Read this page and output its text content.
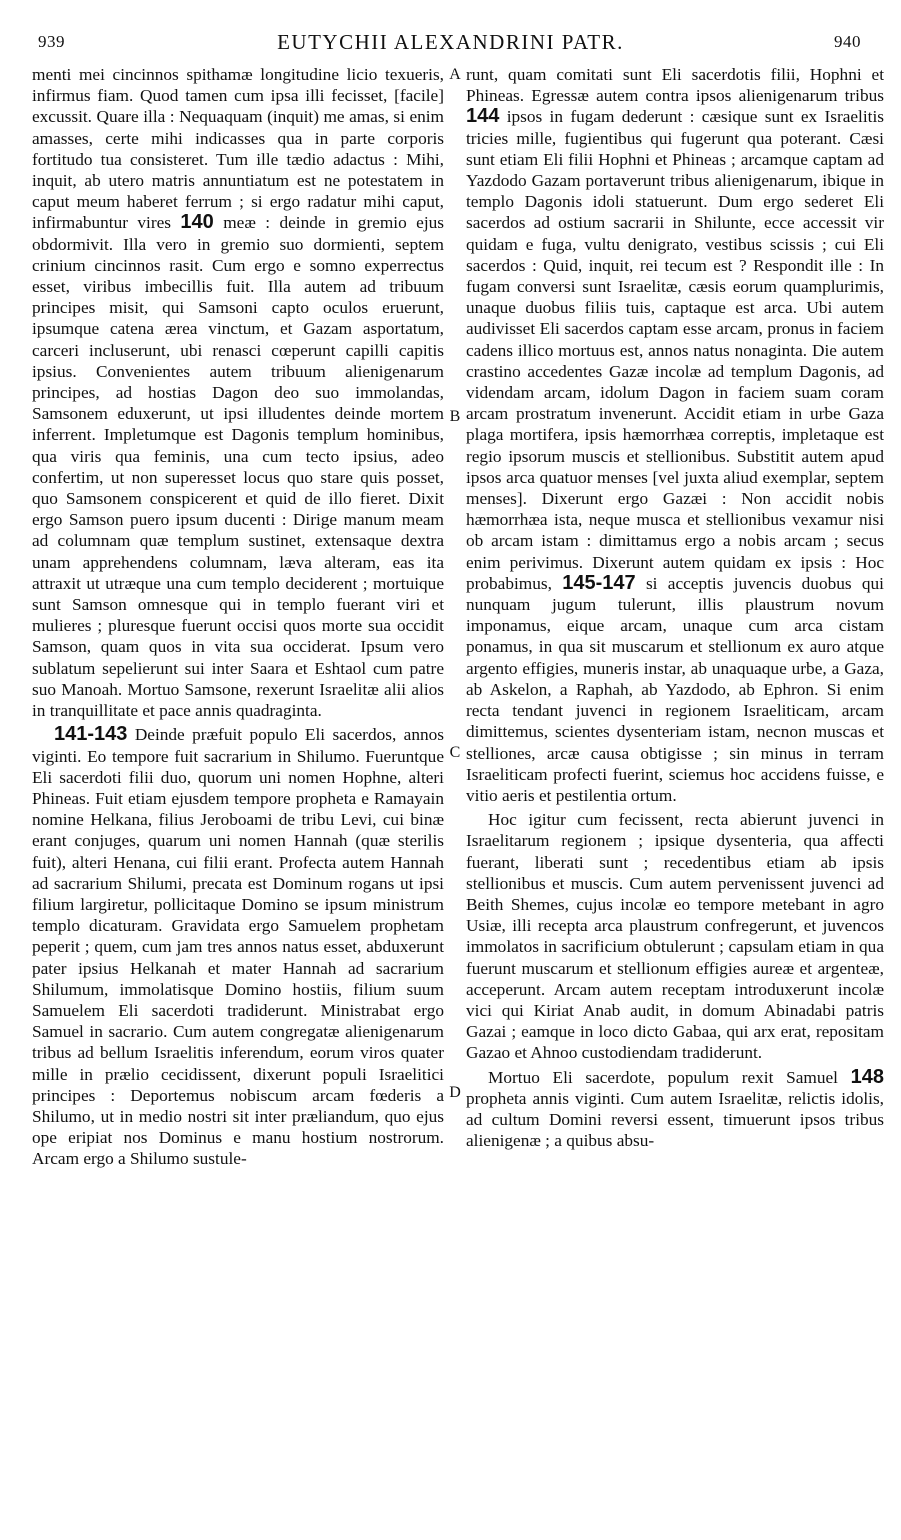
939	EUTYCHII ALEXANDRINI PATR.	940
A
B
C
D

menti mei cincinnos spithamæ longitudine licio texueris, infirmus fiam. Quod tamen cum ipsa illi fecisset, [facile] excussit. Quare illa : Nequaquam (inquit) me amas, si enim amasses, certe mihi indicasses qua in parte corporis fortitudo tua consisteret. Tum ille tædio adactus : Mihi, inquit, ab utero matris annuntiatum est ne potestatem in caput meum haberet ferrum ; si ergo radatur mihi caput, infirmabuntur vires 140 meæ : deinde in gremio ejus obdormivit. Illa vero in gremio suo dormienti, septem crinium cincinnos rasit. Cum ergo e somno experrectus esset, viribus imbecillis fuit. Illa autem ad tribuum principes misit, qui Samsoni capto oculos eruerunt, ipsumque catena ærea vinctum, et Gazam asportatum, carceri incluserunt, ubi renasci cœperunt capilli capitis ipsius. Convenientes autem tribuum alienigenarum principes, ad hostias Dagon deo suo immolandas, Samsonem eduxerunt, ut ipsi illudentes deinde mortem inferrent. Impletumque est Dagonis templum hominibus, qua viris qua feminis, una cum tecto ipsius, adeo confertim, ut non superesset locus quo stare quis posset, quo Samsonem conspicerent et quid de illo fieret. Dixit ergo Samson puero ipsum ducenti : Dirige manum meam ad columnam quæ templum sustinet, extensaque dextra unam apprehendens columnam, læva alteram, eas ita attraxit ut utræque una cum templo deciderent ; mortuique sunt Samson omnesque qui in templo fuerant viri et mulieres ; pluresque fuerunt occisi quos morte sua occidit Samson, quam quos in vita sua occiderat. Ipsum vero sublatum sepelierunt sui inter Saara et Eshtaol cum patre suo Manoah. Mortuo Samsone, rexerunt Israelitæ alii alios in tranquillitate et pace annis quadraginta.

141-143 Deinde præfuit populo Eli sacerdos, annos viginti. Eo tempore fuit sacrarium in Shilumo. Fueruntque Eli sacerdoti filii duo, quorum uni nomen Hophne, alteri Phineas. Fuit etiam ejusdem tempore propheta e Ramayain nomine Helkana, filius Jeroboami de tribu Levi, cui binæ erant conjuges, quarum uni nomen Hannah (quæ sterilis fuit), alteri Henana, cui filii erant. Profecta autem Hannah ad sacrarium Shilumi, precata est Dominum rogans ut ipsi filium largiretur, pollicitaque Domino se ipsum ministrum templo dicaturam. Gravidata ergo Samuelem prophetam peperit ; quem, cum jam tres annos natus esset, abduxerunt pater ipsius Helkanah et mater Hannah ad sacrarium Shilumum, immolatisque Domino hostiis, filium suum Samuelem Eli sacerdoti tradiderunt. Ministrabat ergo Samuel in sacrario. Cum autem congregatæ alienigenarum tribus ad bellum Israelitis inferendum, eorum viros quater mille in prælio cecidissent, dixerunt populi Israelitici principes : Deportemus nobiscum arcam fœderis a Shilumo, ut in medio nostri sit inter præliandum, quo ejus ope eripiat nos Dominus e manu hostium nostrorum. Arcam ergo a Shilumo sustule-

runt, quam comitati sunt Eli sacerdotis filii, Hophni et Phineas. Egressæ autem contra ipsos alienigenarum tribus 144 ipsos in fugam dederunt : cæsique sunt ex Israelitis tricies mille, fugientibus qui fugerunt qua poterant. Cæsi sunt etiam Eli filii Hophni et Phineas ; arcamque captam ad Yazdodo Gazam portaverunt tribus alienigenarum, ibique in templo Dagonis idoli statuerunt. Dum ergo sederet Eli sacerdos ad ostium sacrarii in Shilunte, ecce accessit vir quidam e fuga, vultu denigrato, vestibus scissis ; cui Eli sacerdos : Quid, inquit, rei tecum est ? Respondit ille : In fugam conversi sunt Israelitæ, cæsis eorum quamplurimis, unaque duobus filiis tuis, captaque est arca. Ubi autem audivisset Eli sacerdos captam esse arcam, pronus in faciem cadens illico mortuus est, annos natus nonaginta. Die autem crastino accedentes Gazæ incolæ ad templum Dagonis, ad videndam arcam, idolum Dagon in faciem suam coram arcam prostratum invenerunt. Accidit etiam in urbe Gaza plaga mortifera, ipsis hæmorrhæa correptis, impletaque est regio ipsorum muscis et stellionibus. Substitit autem apud ipsos arca quatuor menses [vel juxta aliud exemplar, septem menses]. Dixerunt ergo Gazæi : Non accidit nobis hæmorrhæa ista, neque musca et stellionibus vexamur nisi ob arcam istam : dimittamus ergo a nobis arcam ; secus enim perivimus. Dixerunt autem quidam ex ipsis : Hoc probabimus, 145-147 si acceptis juvencis duobus qui nunquam jugum tulerunt, illis plaustrum novum imponamus, eique arcam, unaque cum arca cistam ponamus, in qua sit muscarum et stellionum ex auro atque argento effigies, muneris instar, ab unaquaque urbe, a Gaza, ab Askelon, a Raphah, ab Yazdodo, ab Ephron. Si enim recta tendant juvenci in regionem Israeliticam, arcam dimittemus, scientes dysenteriam istam, necnon muscas et stelliones, arcæ causa obtigisse ; sin minus in terram Israeliticam profecti fuerint, sciemus hoc accidens fuisse, e vitio aeris et pestilentia ortum.

Hoc igitur cum fecissent, recta abierunt juvenci in Israelitarum regionem ; ipsique dysenteria, qua affecti fuerant, liberati sunt ; recedentibus etiam ab ipsis stellionibus et muscis. Cum autem pervenissent juvenci ad Beith Shemes, cujus incolæ eo tempore metebant in agro Usiæ, illi recepta arca plaustrum confregerunt, et juvencos immolatos in sacrificium obtulerunt ; capsulam etiam in qua fuerunt muscarum et stellionum effigies aureæ et argenteæ, acceperunt. Arcam autem receptam introduxerunt incolæ vici qui Kiriat Anab audit, in domum Abinadabi patris Gazai ; eamque in loco dicto Gabaa, qui arx erat, repositam Gazao et Ahnoo custodiendam tradiderunt.

Mortuo Eli sacerdote, populum rexit Samuel 148 propheta annis viginti. Cum autem Israelitæ, relictis idolis, ad cultum Domini reversi essent, timuerunt ipsos tribus alienigenæ ; a quibus absu-
